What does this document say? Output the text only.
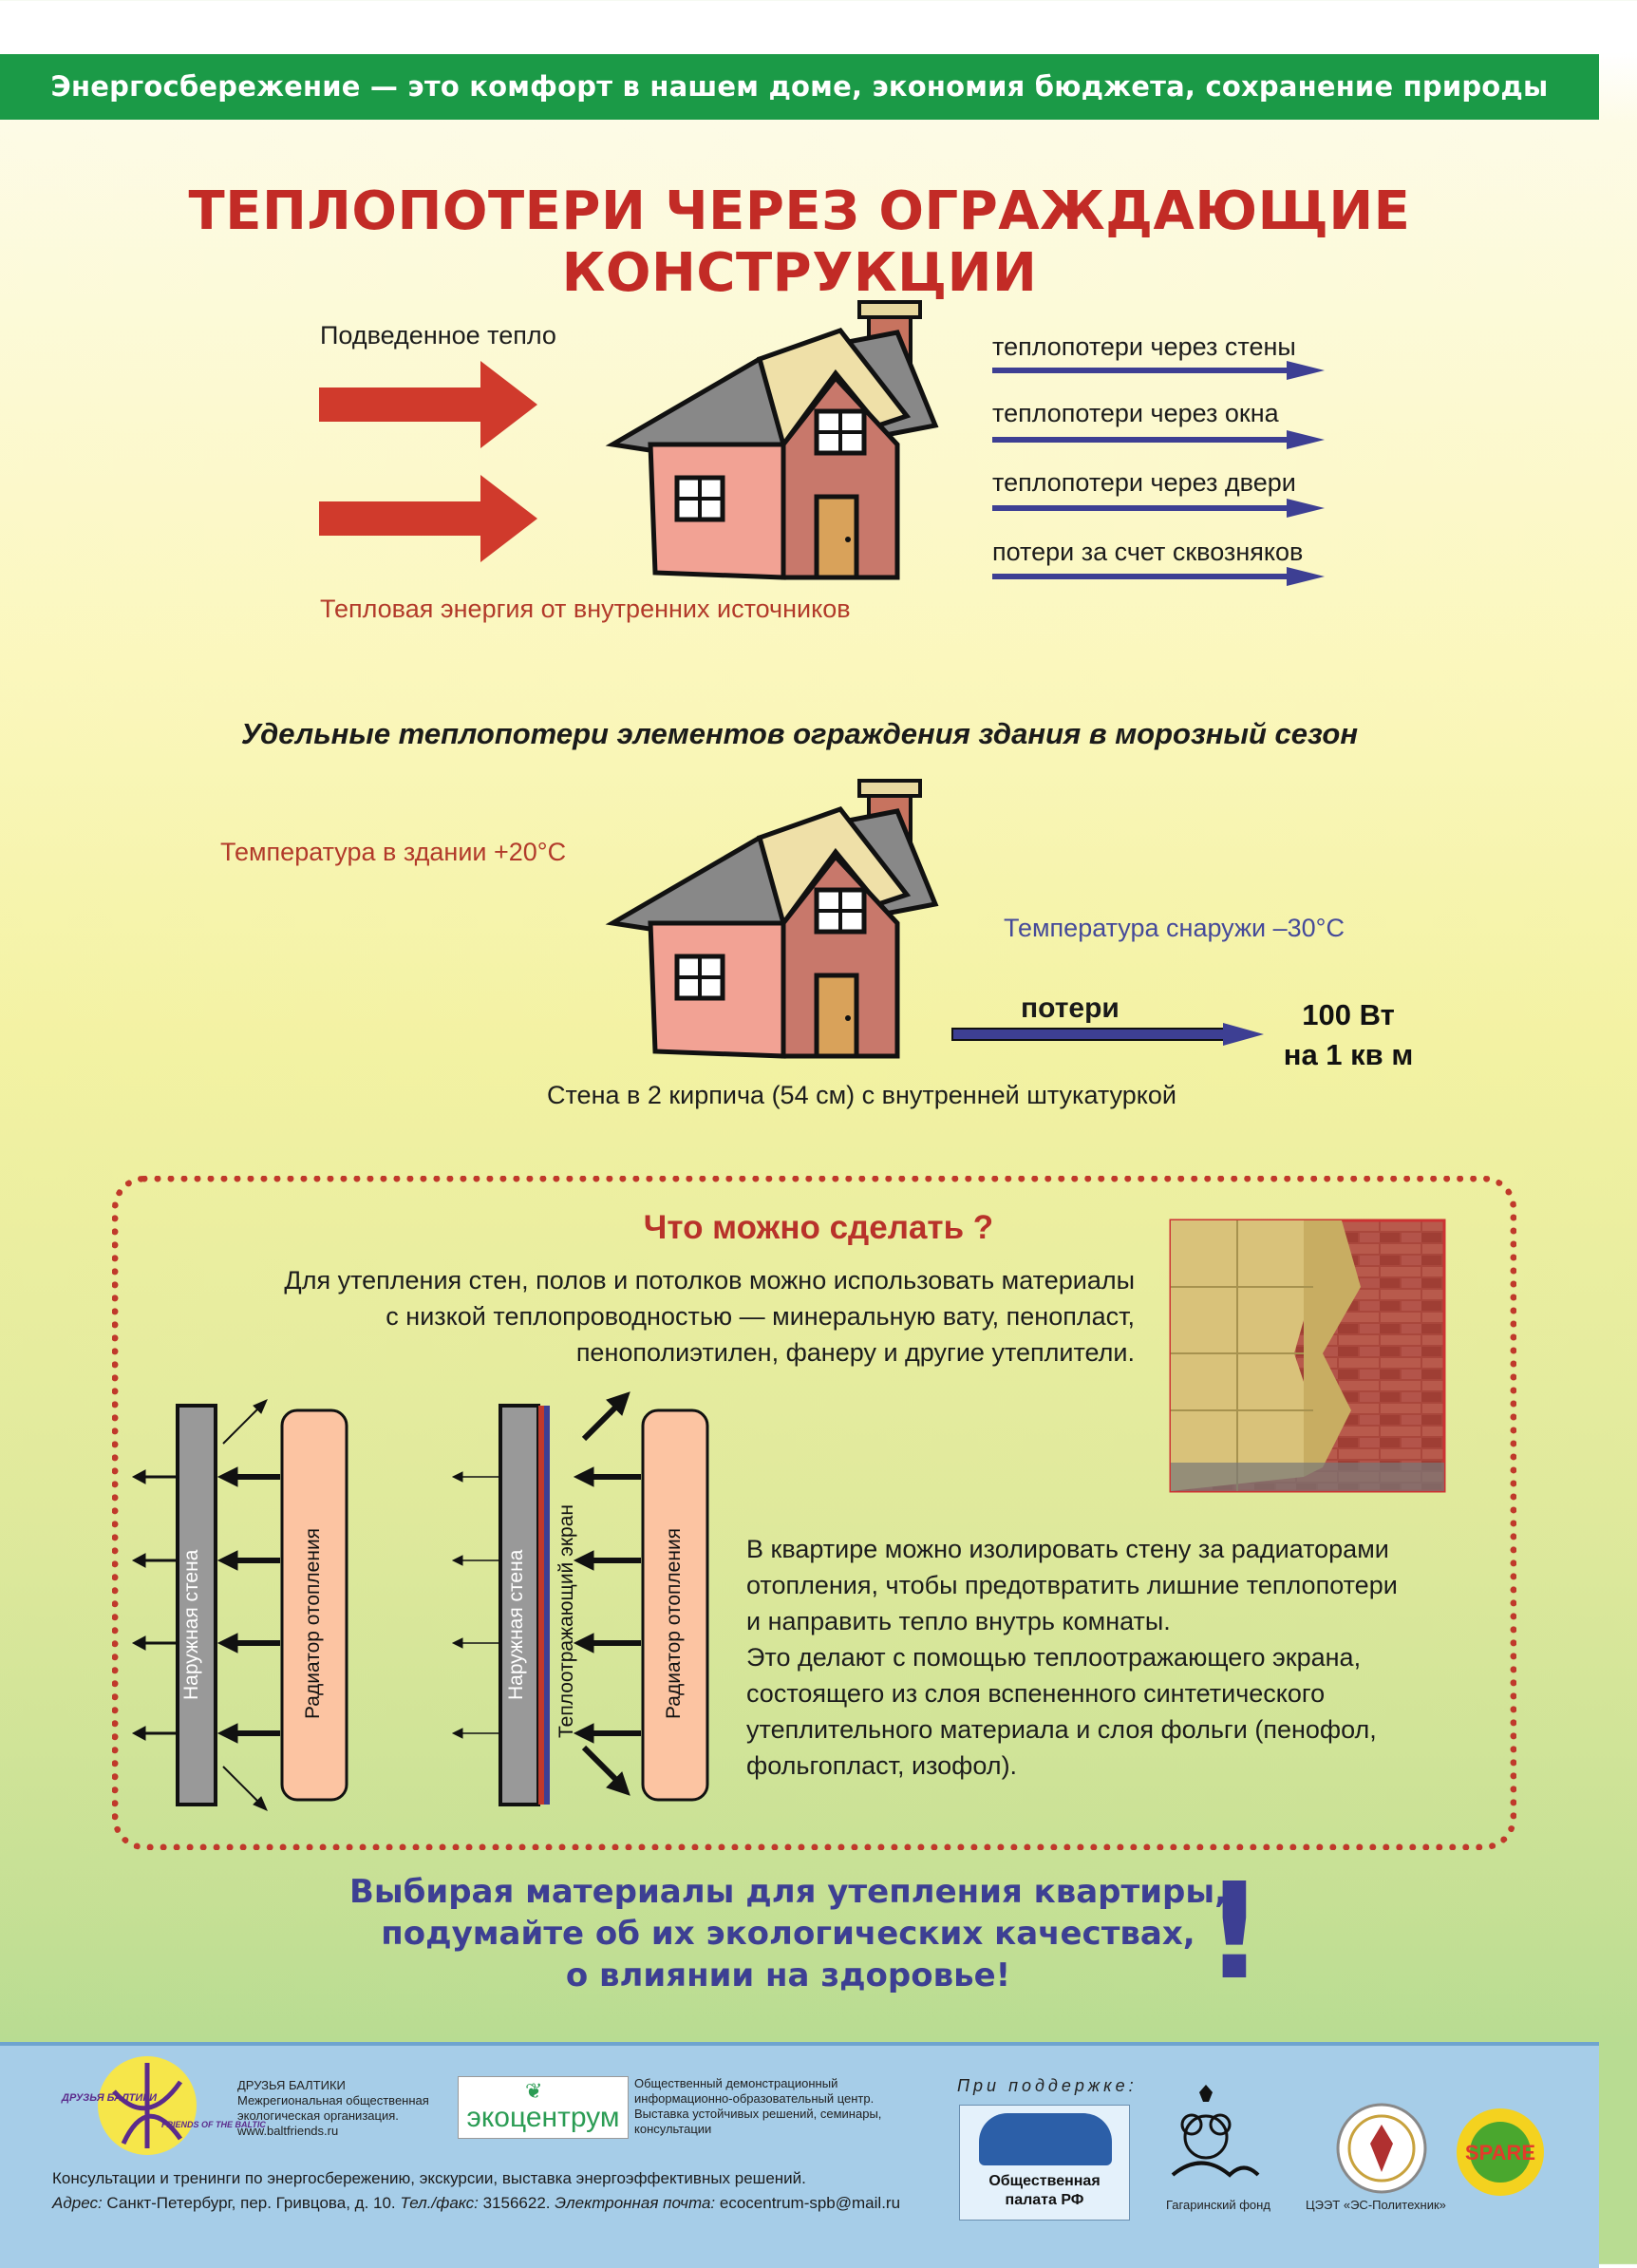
Энергосбережение — это комфорт в нашем доме, экономия бюджета, сохранение природы
ТЕПЛОПОТЕРИ ЧЕРЕЗ ОГРАЖДАЮЩИЕ КОНСТРУКЦИИ
Подведенное тепло
Тепловая энергия от внутренних источников
теплопотери через стены
теплопотери через окна
теплопотери через двери
потери за счет сквозняков
Удельные теплопотери элементов ограждения здания в морозный сезон
Температура в здании +20°С
Температура снаружи –30°С
потери	100 Вт
на 1 кв м
Стена в 2 кирпича (54 см) с внутренней штукатуркой
Что можно сделать ?
Для утепления стен, полов и потолков можно использовать материалы
с низкой теплопроводностью — минеральную вату, пенопласт,
пенополиэтилен, фанеру и другие утеплители.
Наружная стена	Радиатор отопления	Наружная стена Теплоотражающий экран	Радиатор отопления В квартире можно изолировать стену за радиаторами
отопления, чтобы предотвратить лишние теплопотери
и направить тепло внутрь комнаты.
Это делают с помощью теплоотражающего экрана,
состоящего из слоя вспененного синтетического
утеплительного материала и слоя фольги (пенофол,
фольгопласт, изофол).
Выбирая материалы для утепления квартиры,
подумайте об их экологических качествах,
о влиянии на здоровье!	!
ДРУЗЬЯ БАЛТИКИ
FRIENDS OF THE BALTIC
ДРУЗЬЯ БАЛТИКИ
Межрегиональная общественная
экологическая организация.
www.baltfriends.ru	экоцентрум
❦	Общественный демонстрационный
информационно-образовательный центр.
Выставка устойчивых решений, семинары,
консультации
При поддержке:
Общественная
палата РФ	Гагаринский фонд	ЦЭЭТ «ЭС-Политехник»
SPARE
Консультации и тренинги по энергосбережению, экскурсии, выставка энергоэффективных решений.
Адрес: Санкт-Петербург, пер. Гривцова, д. 10. Тел./факс: 3156622. Электронная почта: ecocentrum-spb@mail.ru
